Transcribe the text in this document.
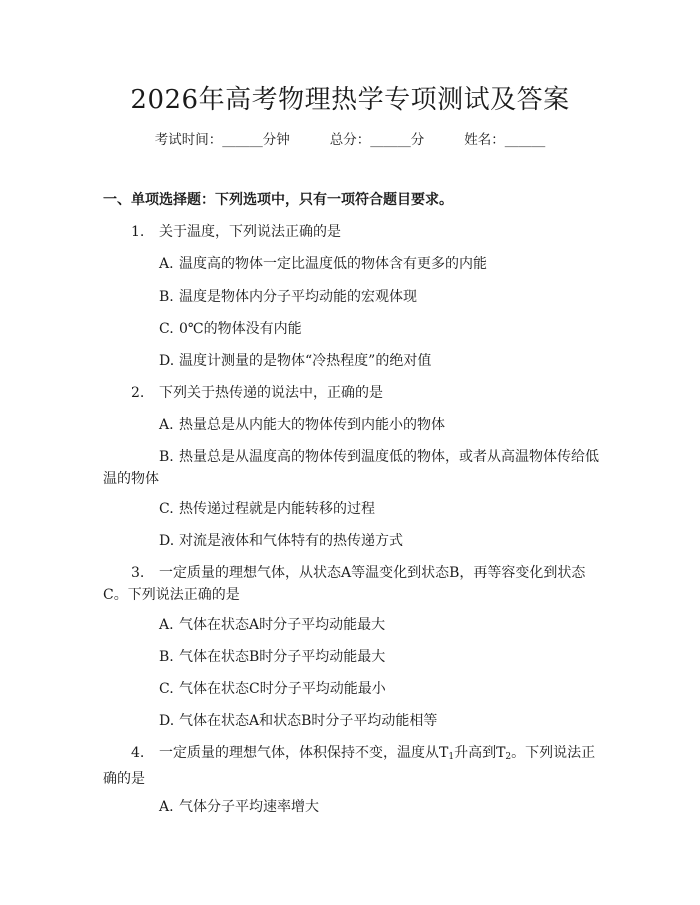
2026年高考物理热学专项测试及答案
考试时间：______分钟	总分：______分	姓名：______
一、单项选择题：下列选项中，只有一项符合题目要求。
1. 关于温度，下列说法正确的是
A. 温度高的物体一定比温度低的物体含有更多的内能
B. 温度是物体内分子平均动能的宏观体现
C. 0℃的物体没有内能
D. 温度计测量的是物体“冷热程度”的绝对值
2. 下列关于热传递的说法中，正确的是
A. 热量总是从内能大的物体传到内能小的物体
B. 热量总是从温度高的物体传到温度低的物体，或者从高温物体传给低温的物体
C. 热传递过程就是内能转移的过程
D. 对流是液体和气体特有的热传递方式
3. 一定质量的理想气体，从状态A等温变化到状态B，再等容变化到状态C。下列说法正确的是
A. 气体在状态A时分子平均动能最大
B. 气体在状态B时分子平均动能最大
C. 气体在状态C时分子平均动能最小
D. 气体在状态A和状态B时分子平均动能相等
4. 一定质量的理想气体，体积保持不变，温度从$T_1$升高到$T_2$。下列说法正确的是
A. 气体分子平均速率增大
